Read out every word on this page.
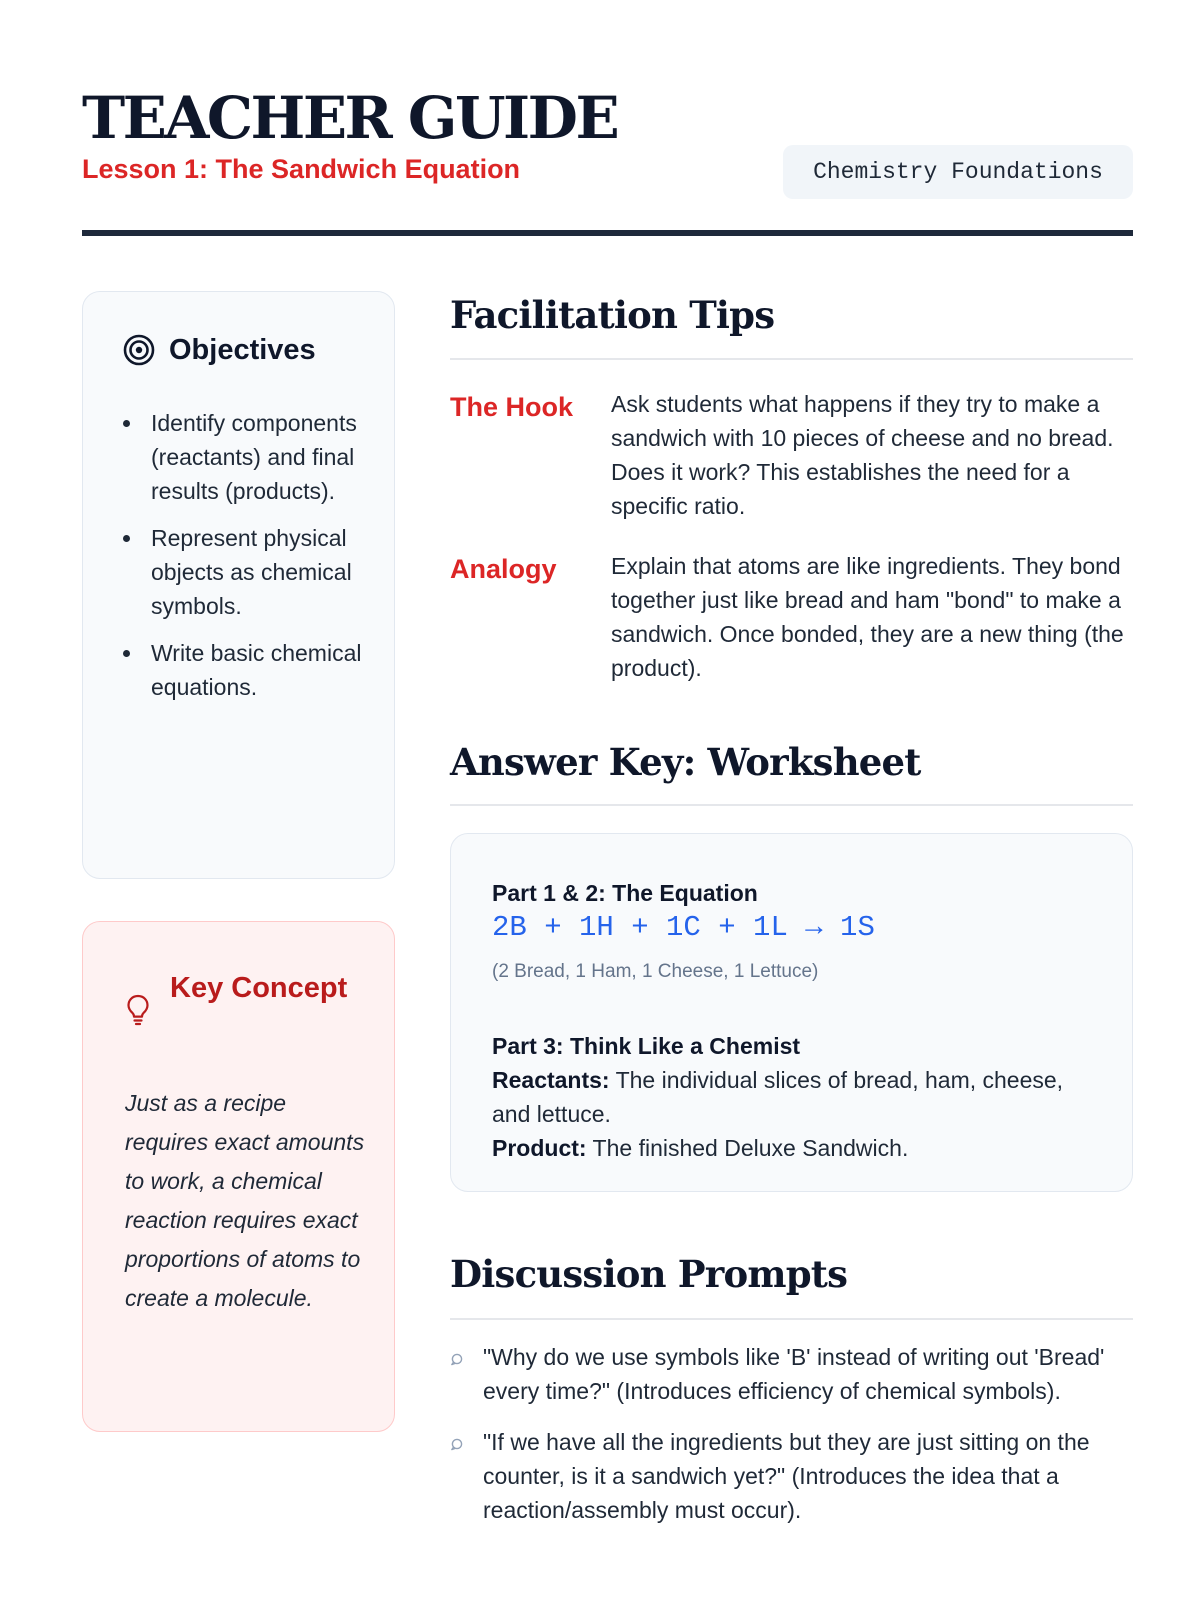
TEACHER GUIDE
Lesson 1: The Sandwich Equation	Chemistry Foundations
Objectives
Identify components (reactants) and final results (products).
Represent physical objects as chemical symbols.
Write basic chemical equations.
Key Concept
Just as a recipe requires exact amounts to work, a chemical reaction requires exact proportions of atoms to create a molecule.
Facilitation Tips
The Hook	Ask students what happens if they try to make a sandwich with 10 pieces of cheese and no bread. Does it work? This establishes the need for a specific ratio.
Analogy	Explain that atoms are like ingredients. They bond together just like bread and ham "bond" to make a sandwich. Once bonded, they are a new thing (the product).
Answer Key: Worksheet
Part 1 & 2: The Equation
2B + 1H + 1C + 1L → 1S
(2 Bread, 1 Ham, 1 Cheese, 1 Lettuce)
Part 3: Think Like a Chemist
Reactants: The individual slices of bread, ham, cheese, and lettuce.
Product: The finished Deluxe Sandwich.
Discussion Prompts
"Why do we use symbols like 'B' instead of writing out 'Bread' every time?" (Introduces efficiency of chemical symbols).
"If we have all the ingredients but they are just sitting on the counter, is it a sandwich yet?" (Introduces the idea that a reaction/assembly must occur).
